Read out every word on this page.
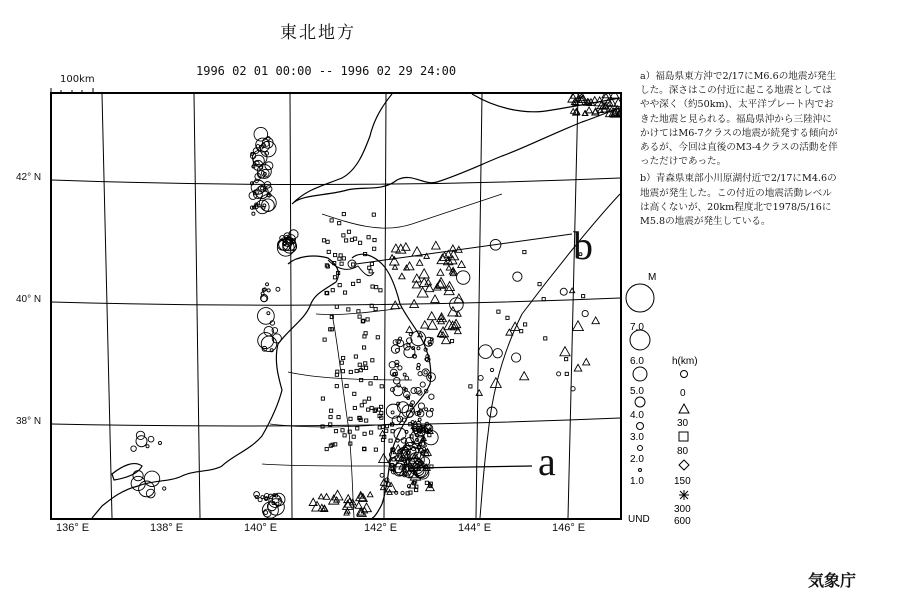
東北地方
1996 02 01 00:00 -- 1996 02 29 24:00
100km
42° N
40° N
38° N
136° E	138° E	140° E	142° E	144° E	146° E
a
b

a）福島県東方沖で2/17にM6.6の地震が発生した。深さはこの付近に起こる地震としてはやや深く（約50km)、太平洋プレート内でおきた地震と見られる。福島県沖から三陸沖にかけてはM6-7クラスの地震が続発する傾向があるが、今回は直後のM3-4クラスの活動を伴っただけであった。

b）青森県東部小川原湖付近で2/17にM4.6の地震が発生した。この付近の地震活動レベルは高くないが、20km程度北で1978/5/16にM5.8の地震が発生している。

M
7.0
6.0
5.0
4.0
3.0
2.0
1.0
UND
h(km)
0
30
80
150
300
600
気象庁
